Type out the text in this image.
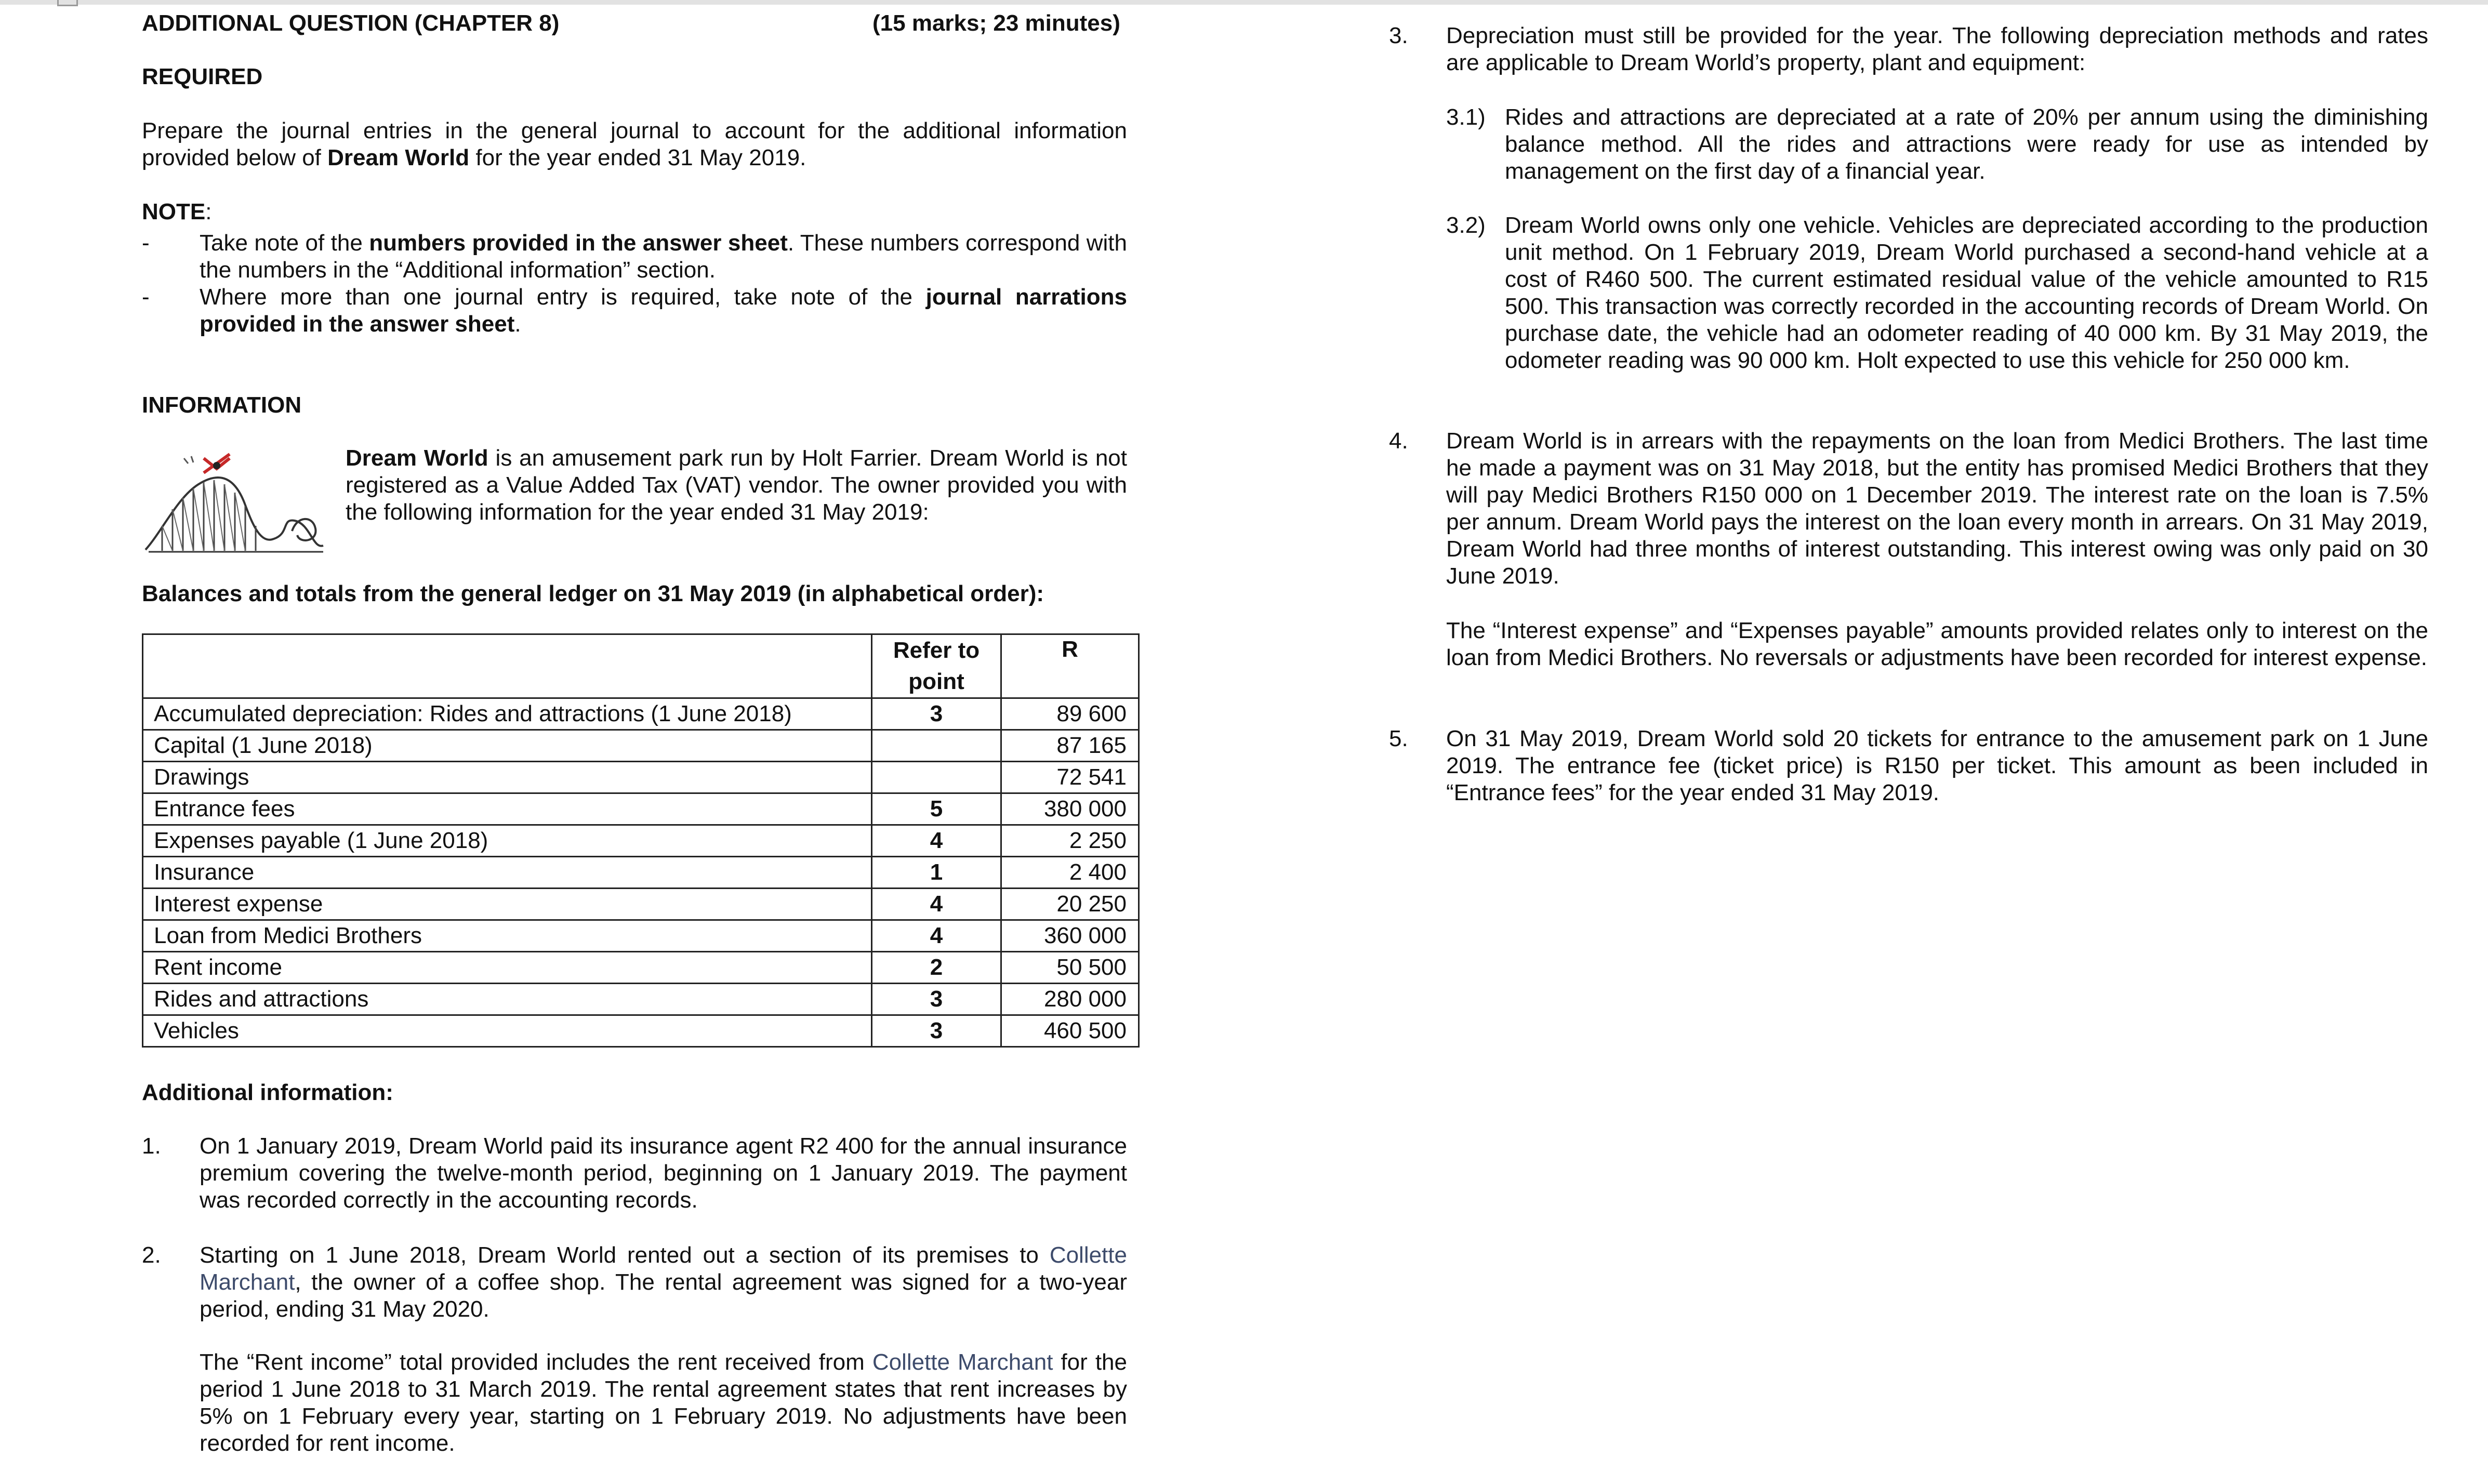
ADDITIONAL QUESTION (CHAPTER 8)	(15 marks; 23 minutes)

REQUIRED

Prepare the journal entries in the general journal to account for the additional information provided below of Dream World for the year ended 31 May 2019.

NOTE:

- Take note of the numbers provided in the answer sheet. These numbers correspond with the numbers in the “Additional information” section.

- Where more than one journal entry is required, take note of the journal narrations provided in the answer sheet.

INFORMATION

Dream World is an amusement park run by Holt Farrier. Dream World is not registered as a Value Added Tax (VAT) vendor. The owner provided you with the following information for the year ended 31 May 2019:

Balances and totals from the general ledger on 31 May 2019 (in alphabetical order):

	Refer to point	R
Accumulated depreciation: Rides and attractions (1 June 2018)	3	89 600
Capital (1 June 2018)		87 165
Drawings		72 541
Entrance fees	5	380 000
Expenses payable (1 June 2018)	4	2 250
Insurance	1	2 400
Interest expense	4	20 250
Loan from Medici Brothers	4	360 000
Rent income	2	50 500
Rides and attractions	3	280 000
Vehicles	3	460 500

Additional information:

1. On 1 January 2019, Dream World paid its insurance agent R2 400 for the annual insurance premium covering the twelve-month period, beginning on 1 January 2019. The payment was recorded correctly in the accounting records.

2. Starting on 1 June 2018, Dream World rented out a section of its premises to Collette Marchant, the owner of a coffee shop. The rental agreement was signed for a two-year period, ending 31 May 2020.

The “Rent income” total provided includes the rent received from Collette Marchant for the period 1 June 2018 to 31 March 2019. The rental agreement states that rent increases by 5% on 1 February every year, starting on 1 February 2019. No adjustments have been recorded for rent income.

3. Depreciation must still be provided for the year. The following depreciation methods and rates are applicable to Dream World’s property, plant and equipment:

3.1) Rides and attractions are depreciated at a rate of 20% per annum using the diminishing balance method. All the rides and attractions were ready for use as intended by management on the first day of a financial year.

3.2) Dream World owns only one vehicle. Vehicles are depreciated according to the production unit method. On 1 February 2019, Dream World purchased a second-hand vehicle at a cost of R460 500. The current estimated residual value of the vehicle amounted to R15 500. This transaction was correctly recorded in the accounting records of Dream World. On purchase date, the vehicle had an odometer reading of 40 000 km. By 31 May 2019, the odometer reading was 90 000 km. Holt expected to use this vehicle for 250 000 km.

4. Dream World is in arrears with the repayments on the loan from Medici Brothers. The last time he made a payment was on 31 May 2018, but the entity has promised Medici Brothers that they will pay Medici Brothers R150 000 on 1 December 2019. The interest rate on the loan is 7.5% per annum. Dream World pays the interest on the loan every month in arrears. On 31 May 2019, Dream World had three months of interest outstanding. This interest owing was only paid on 30 June 2019.

The “Interest expense” and “Expenses payable” amounts provided relates only to interest on the loan from Medici Brothers. No reversals or adjustments have been recorded for interest expense.

5. On 31 May 2019, Dream World sold 20 tickets for entrance to the amusement park on 1 June 2019. The entrance fee (ticket price) is R150 per ticket. This amount as been included in “Entrance fees” for the year ended 31 May 2019.
